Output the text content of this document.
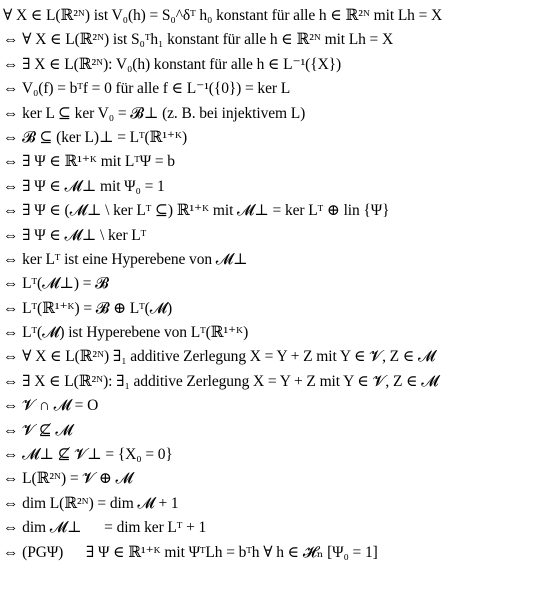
∀ X ∈ L(ℝ²ᴺ) ist V₀(h) = S₀^δᵀ h₀ konstant für alle h ∈ ℝ²ᴺ mit Lh = X
⇔ ∀ X ∈ L(ℝ²ᴺ) ist S₀ᵀh₁ konstant für alle h ∈ ℝ²ᴺ mit Lh = X
⇔ ∃ X ∈ L(ℝ²ᴺ): V₀(h) konstant für alle h ∈ L⁻¹({X})
⇔ V₀(f) = bᵀf = 0 für alle f ∈ L⁻¹({0}) = ker L
⇔ ker L ⊆ ker V₀ = 𝓑⊥ (z. B. bei injektivem L)
⇔ 𝓑 ⊆ (ker L)⊥ = Lᵀ(ℝ¹⁺ᴷ)
⇔ ∃ Ψ ∈ ℝ¹⁺ᴷ mit LᵀΨ = b
⇔ ∃ Ψ ∈ 𝓜⊥ mit Ψ₀ = 1
⇔ ∃ Ψ ∈ (𝓜⊥ \ ker Lᵀ ⊆) ℝ¹⁺ᴷ mit 𝓜⊥ = ker Lᵀ ⊕ lin {Ψ}
⇔ ∃ Ψ ∈ 𝓜⊥ \ ker Lᵀ
⇔ ker Lᵀ ist eine Hyperebene von 𝓜⊥
⇔ Lᵀ(𝓜⊥) = 𝓑
⇔ Lᵀ(ℝ¹⁺ᴷ) = 𝓑 ⊕ Lᵀ(𝓜)
⇔ Lᵀ(𝓜) ist Hyperebene von Lᵀ(ℝ¹⁺ᴷ)
⇔ ∀ X ∈ L(ℝ²ᴺ) ∃₁ additive Zerlegung X = Y + Z mit Y ∈ 𝓥, Z ∈ 𝓜
⇔ ∃ X ∈ L(ℝ²ᴺ): ∃₁ additive Zerlegung X = Y + Z mit Y ∈ 𝓥, Z ∈ 𝓜
⇔ 𝓥 ∩ 𝓜 = O
⇔ 𝓥 ⊈ 𝓜
⇔ 𝓜⊥ ⊈ 𝓥⊥ = {X₀ = 0}
⇔ L(ℝ²ᴺ) = 𝓥 ⊕ 𝓜
⇔ dim L(ℝ²ᴺ) = dim 𝓜 + 1
⇔ dim 𝓜⊥      = dim ker Lᵀ + 1
⇔ (PGΨ)      ∃ Ψ ∈ ℝ¹⁺ᴷ mit ΨᵀLh = bᵀh ∀ h ∈ 𝓗ₙ [Ψ₀ = 1]
